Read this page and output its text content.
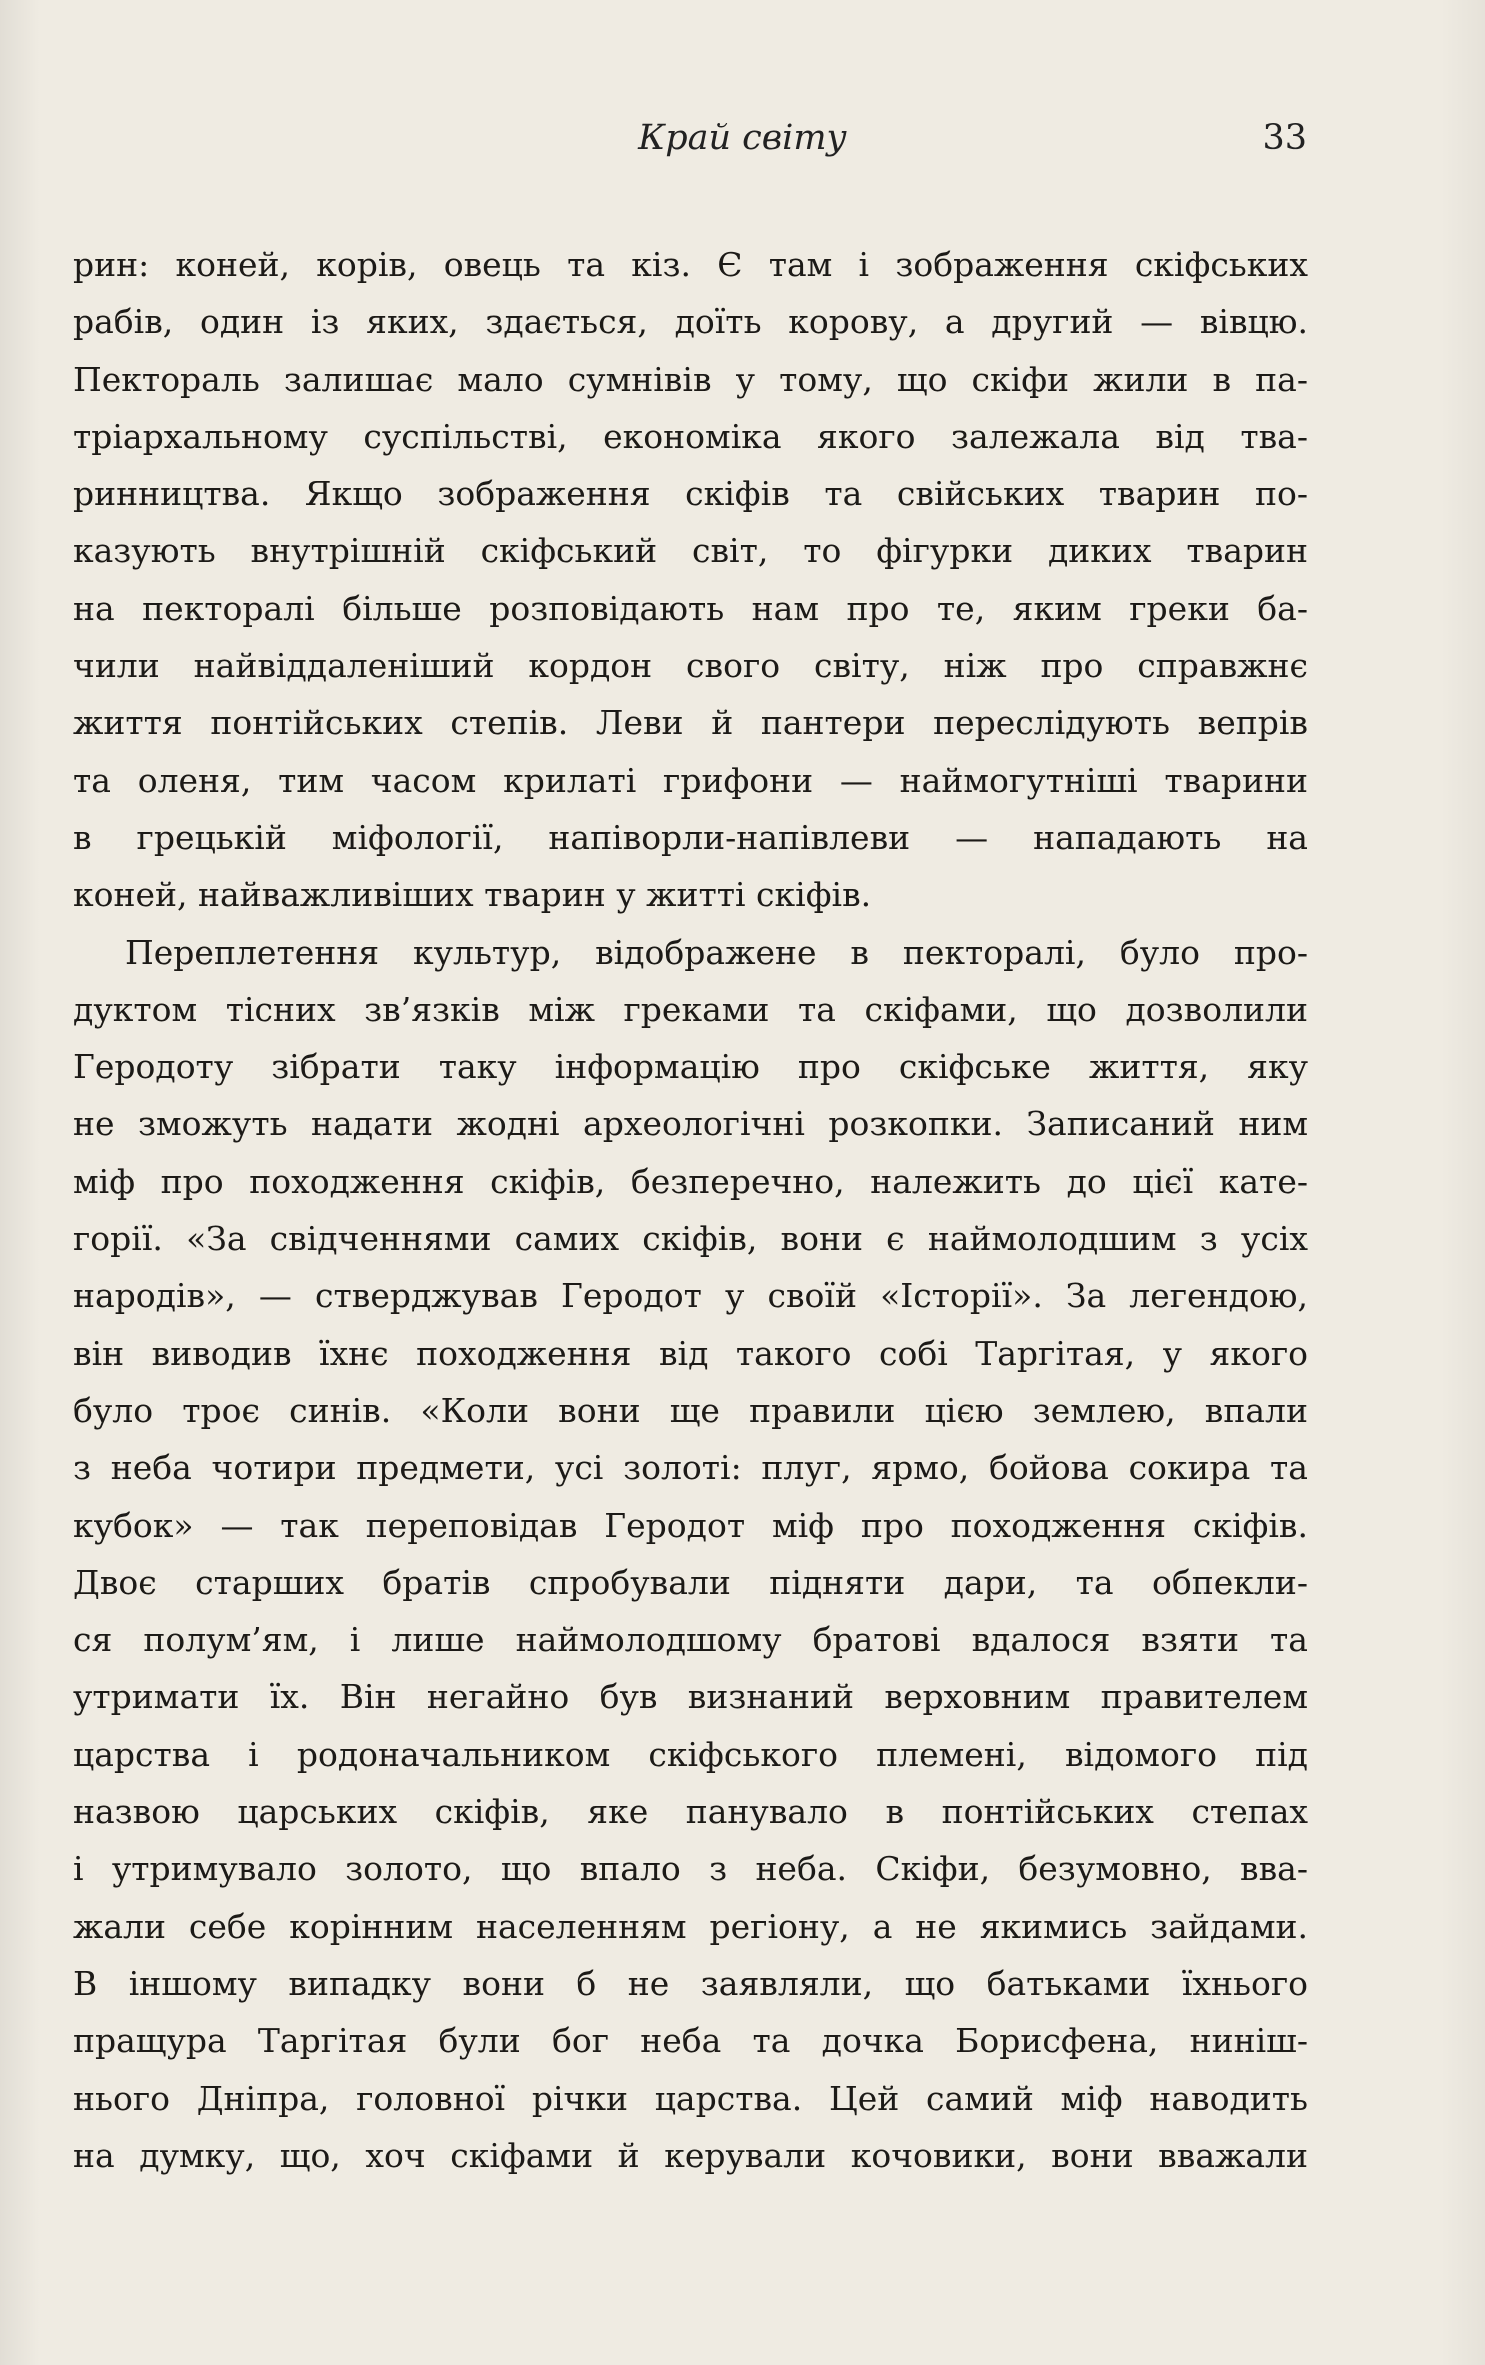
Край світу	33
рин: коней, корів, овець та кіз. Є там і зображення скіфських
рабів, один із яких, здається, доїть корову, а другий — вівцю.
Пектораль залишає мало сумнівів у тому, що скіфи жили в па-
тріархальному суспільстві, економіка якого залежала від тва-
ринництва. Якщо зображення скіфів та свійських тварин по-
казують внутрішній скіфський світ, то фігурки диких тварин
на пекторалі більше розповідають нам про те, яким греки ба-
чили найвіддаленіший кордон свого світу, ніж про справжнє
життя понтійських степів. Леви й пантери переслідують вепрів
та оленя, тим часом крилаті грифони — наймогутніші тварини
в грецькій міфології, напіворли-напівлеви — нападають на
коней, найважливіших тварин у житті скіфів.
Переплетення культур, відображене в пекторалі, було про-
дуктом тісних зв’язків між греками та скіфами, що дозволили
Геродоту зібрати таку інформацію про скіфське життя, яку
не зможуть надати жодні археологічні розкопки. Записаний ним
міф про походження скіфів, безперечно, належить до цієї кате-
горії. «За свідченнями самих скіфів, вони є наймолодшим з усіх
народів», — стверджував Геродот у своїй «Історії». За легендою,
він виводив їхнє походження від такого собі Таргітая, у якого
було троє синів. «Коли вони ще правили цією землею, впали
з неба чотири предмети, усі золоті: плуг, ярмо, бойова сокира та
кубок» — так переповідав Геродот міф про походження скіфів.
Двоє старших братів спробували підняти дари, та обпекли-
ся полум’ям, і лише наймолодшому братові вдалося взяти та
утримати їх. Він негайно був визнаний верховним правителем
царства і родоначальником скіфського племені, відомого під
назвою царських скіфів, яке панувало в понтійських степах
і утримувало золото, що впало з неба. Скіфи, безумовно, вва-
жали себе корінним населенням регіону, а не якимись зайдами.
В іншому випадку вони б не заявляли, що батьками їхнього
пращура Таргітая були бог неба та дочка Борисфена, ниніш-
нього Дніпра, головної річки царства. Цей самий міф наводить
на думку, що, хоч скіфами й керували кочовики, вони вважали
